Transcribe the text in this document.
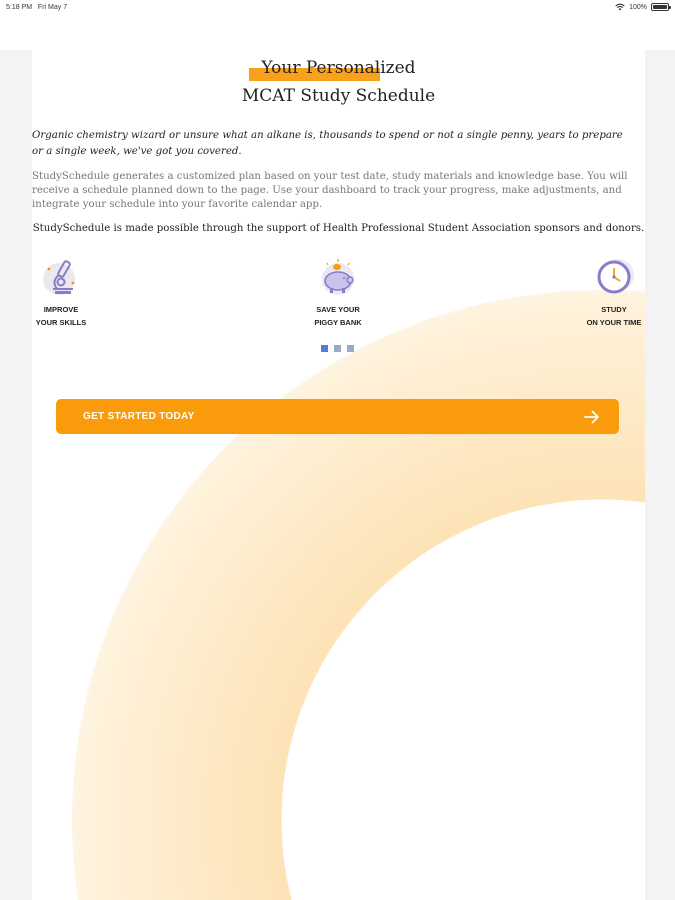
5:18 PM Fri May 7	100%
Your Personalized
MCAT Study Schedule
Organic chemistry wizard or unsure what an alkane is, thousands to spend or not a single penny, years to prepare or a single week, we've got you covered.
StudySchedule generates a customized plan based on your test date, study materials and knowledge base. You will receive a schedule planned down to the page. Use your dashboard to track your progress, make adjustments, and integrate your schedule into your favorite calendar app.
StudySchedule is made possible through the support of Health Professional Student Association sponsors and donors.
IMPROVE
YOUR SKILLS
SAVE YOUR
PIGGY BANK
STUDY
ON YOUR TIME
GET STARTED TODAY
